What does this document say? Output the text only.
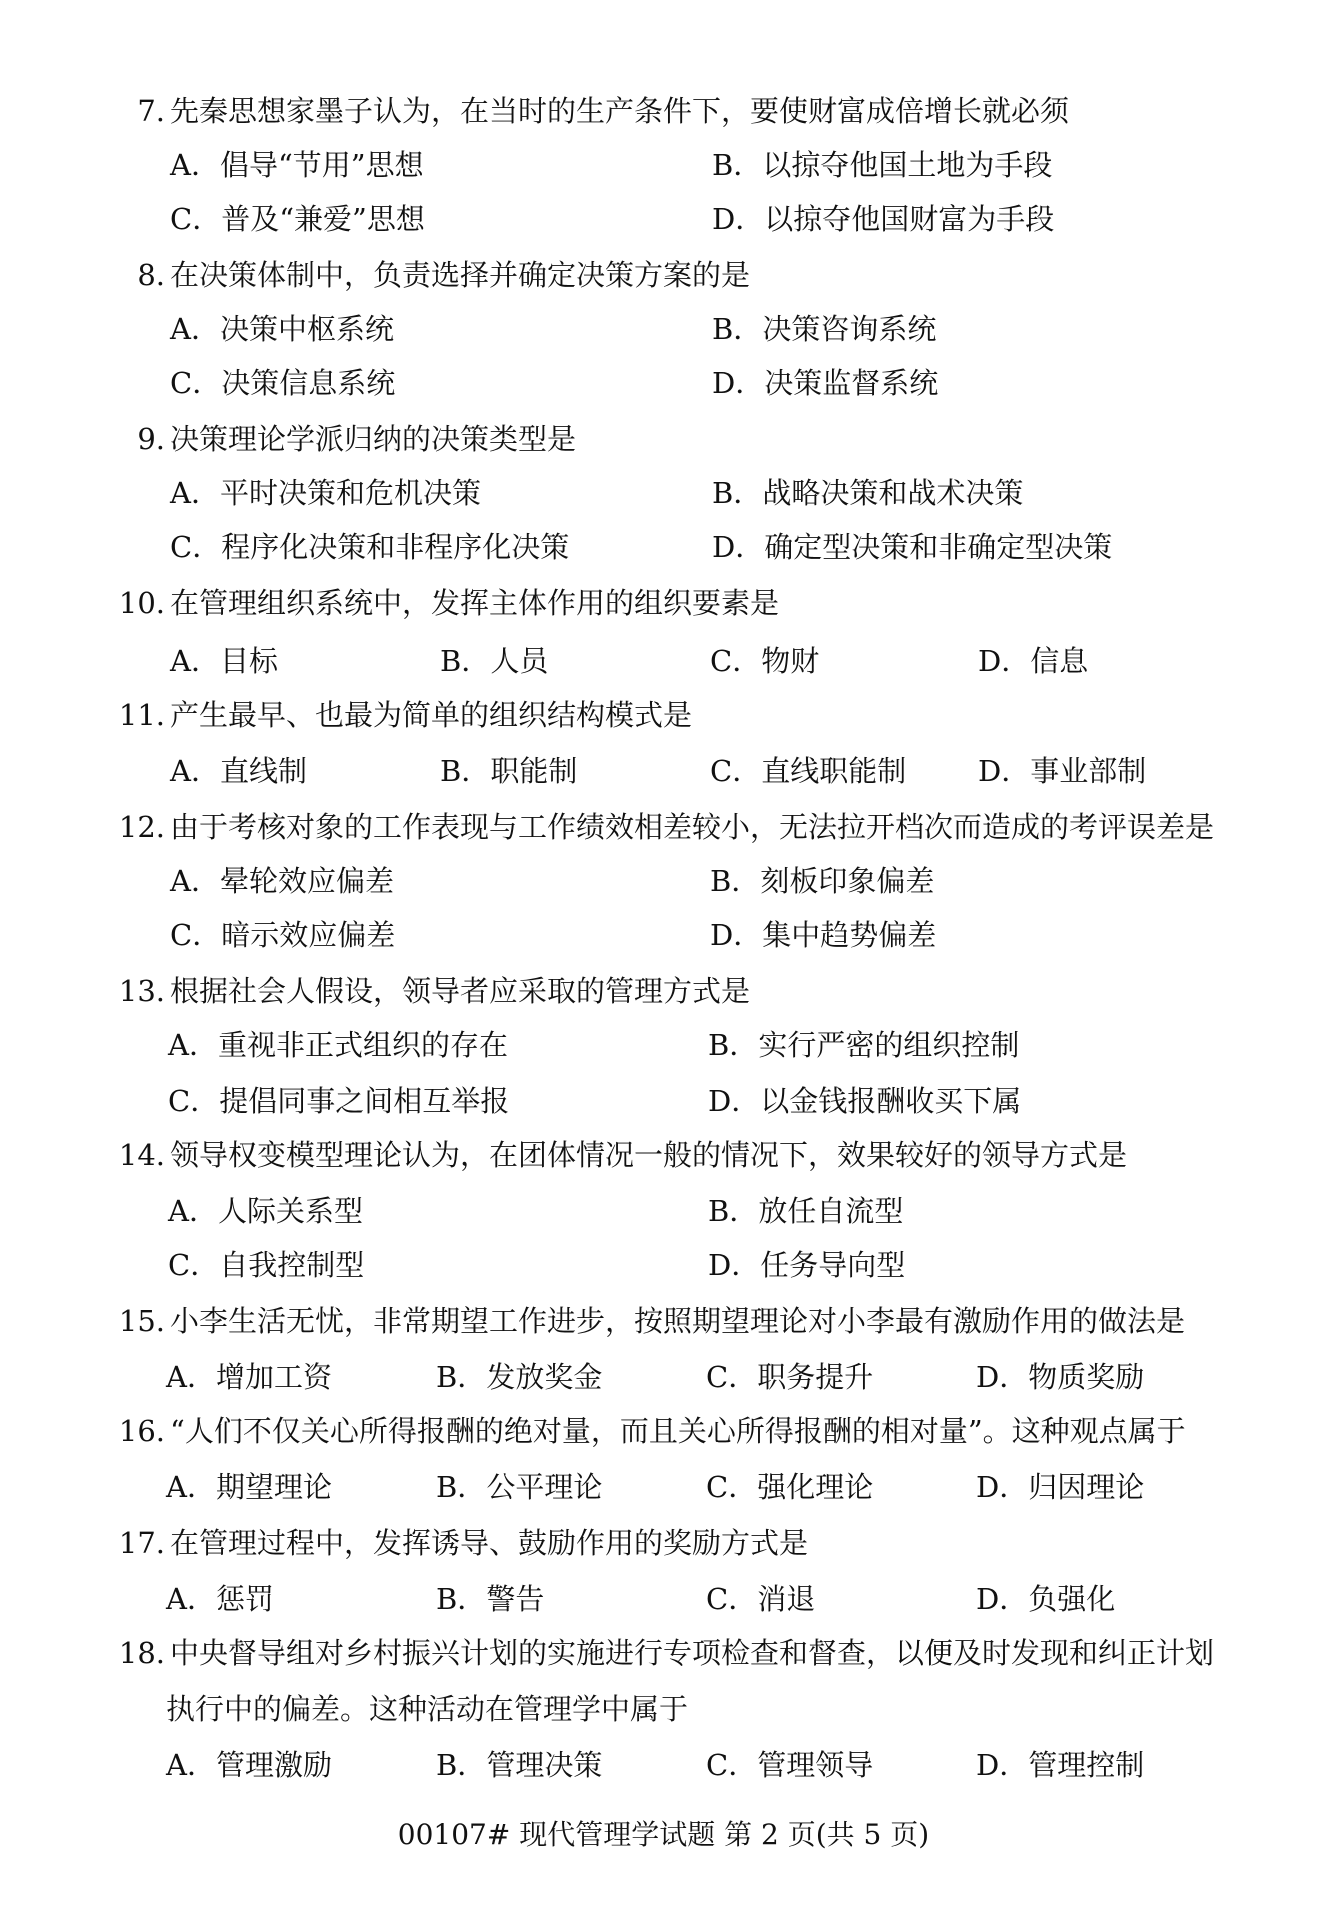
7. 先秦思想家墨子认为，在当时的生产条件下，要使财富成倍增长就必须
A．倡导“节用”思想	B．以掠夺他国土地为手段
C．普及“兼爱”思想	D．以掠夺他国财富为手段
8. 在决策体制中，负责选择并确定决策方案的是
A．决策中枢系统	B．决策咨询系统
C．决策信息系统	D．决策监督系统
9. 决策理论学派归纳的决策类型是
A．平时决策和危机决策	B．战略决策和战术决策
C．程序化决策和非程序化决策	D．确定型决策和非确定型决策
10. 在管理组织系统中，发挥主体作用的组织要素是
A．目标	B．人员	C．物财	D．信息
11. 产生最早、也最为简单的组织结构模式是
A．直线制	B．职能制	C．直线职能制 D．事业部制
12. 由于考核对象的工作表现与工作绩效相差较小，无法拉开档次而造成的考评误差是
A．晕轮效应偏差	B．刻板印象偏差
C．暗示效应偏差	D．集中趋势偏差
13. 根据社会人假设，领导者应采取的管理方式是
A．重视非正式组织的存在	B．实行严密的组织控制
C．提倡同事之间相互举报	D．以金钱报酬收买下属
14. 领导权变模型理论认为，在团体情况一般的情况下，效果较好的领导方式是
A．人际关系型	B．放任自流型
C．自我控制型	D．任务导向型
15. 小李生活无忧，非常期望工作进步，按照期望理论对小李最有激励作用的做法是
A．增加工资	B．发放奖金	C．职务提升	D．物质奖励
16. “人们不仅关心所得报酬的绝对量，而且关心所得报酬的相对量”。这种观点属于
A．期望理论	B．公平理论	C．强化理论	D．归因理论
17. 在管理过程中，发挥诱导、鼓励作用的奖励方式是
A．惩罚	B．警告	C．消退	D．负强化
18. 中央督导组对乡村振兴计划的实施进行专项检查和督查，以便及时发现和纠正计划
执行中的偏差。这种活动在管理学中属于
A．管理激励	B．管理决策	C．管理领导	D．管理控制
00107# 现代管理学试题 第 2 页(共 5 页)
